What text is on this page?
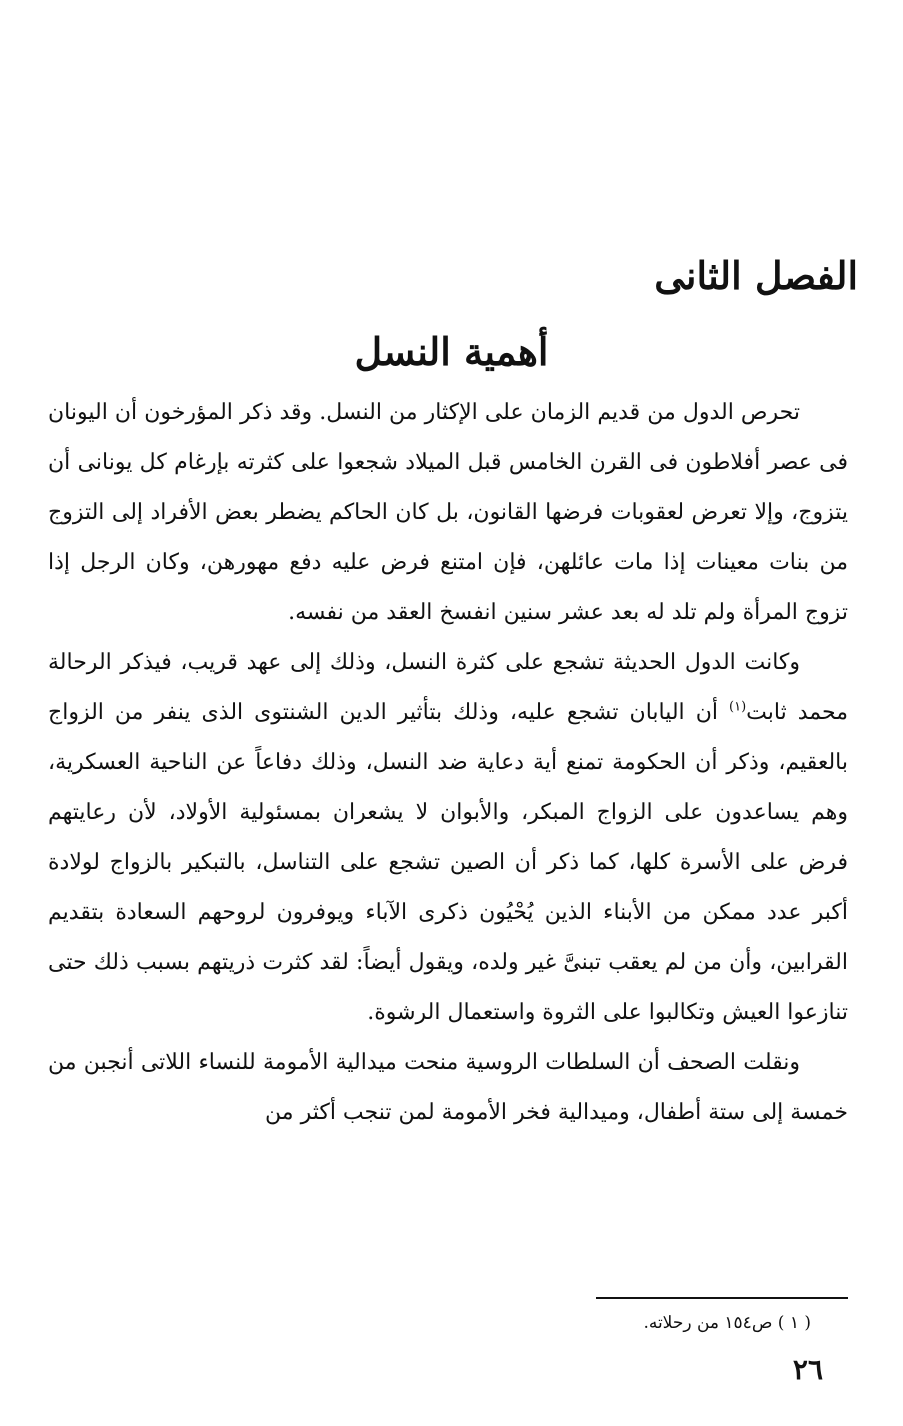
الفصل الثانى
أهمية النسل

تحرص الدول من قديم الزمان على الإكثار من النسل. وقد ذكر المؤرخون أن اليونان فى عصر أفلاطون فى القرن الخامس قبل الميلاد شجعوا على كثرته بإرغام كل يونانى أن يتزوج، وإلا تعرض لعقوبات فرضها القانون، بل كان الحاكم يضطر بعض الأفراد إلى التزوج من بنات معينات إذا مات عائلهن، فإن امتنع فرض عليه دفع مهورهن، وكان الرجل إذا تزوج المرأة ولم تلد له بعد عشر سنين انفسخ العقد من نفسه.

وكانت الدول الحديثة تشجع على كثرة النسل، وذلك إلى عهد قريب، فيذكر الرحالة محمد ثابت$^{(١)}$ أن اليابان تشجع عليه، وذلك بتأثير الدين الشنتوى الذى ينفر من الزواج بالعقيم، وذكر أن الحكومة تمنع أية دعاية ضد النسل، وذلك دفاعاً عن الناحية العسكرية، وهم يساعدون على الزواج المبكر، والأبوان لا يشعران بمسئولية الأولاد، لأن رعايتهم فرض على الأسرة كلها، كما ذكر أن الصين تشجع على التناسل، بالتبكير بالزواج لولادة أكبر عدد ممكن من الأبناء الذين يُحْيُون ذكرى الآباء ويوفرون لروحهم السعادة بتقديم القرابين، وأن من لم يعقب تبنىَّ غير ولده، ويقول أيضاً: لقد كثرت ذريتهم بسبب ذلك حتى تنازعوا العيش وتكالبوا على الثروة واستعمال الرشوة.

ونقلت الصحف أن السلطات الروسية منحت ميدالية الأمومة للنساء اللاتى أنجبن من خمسة إلى ستة أطفال، وميدالية فخر الأمومة لمن تنجب أكثر من

( ١ ) ص١٥٤ من رحلاته.

٢٦
